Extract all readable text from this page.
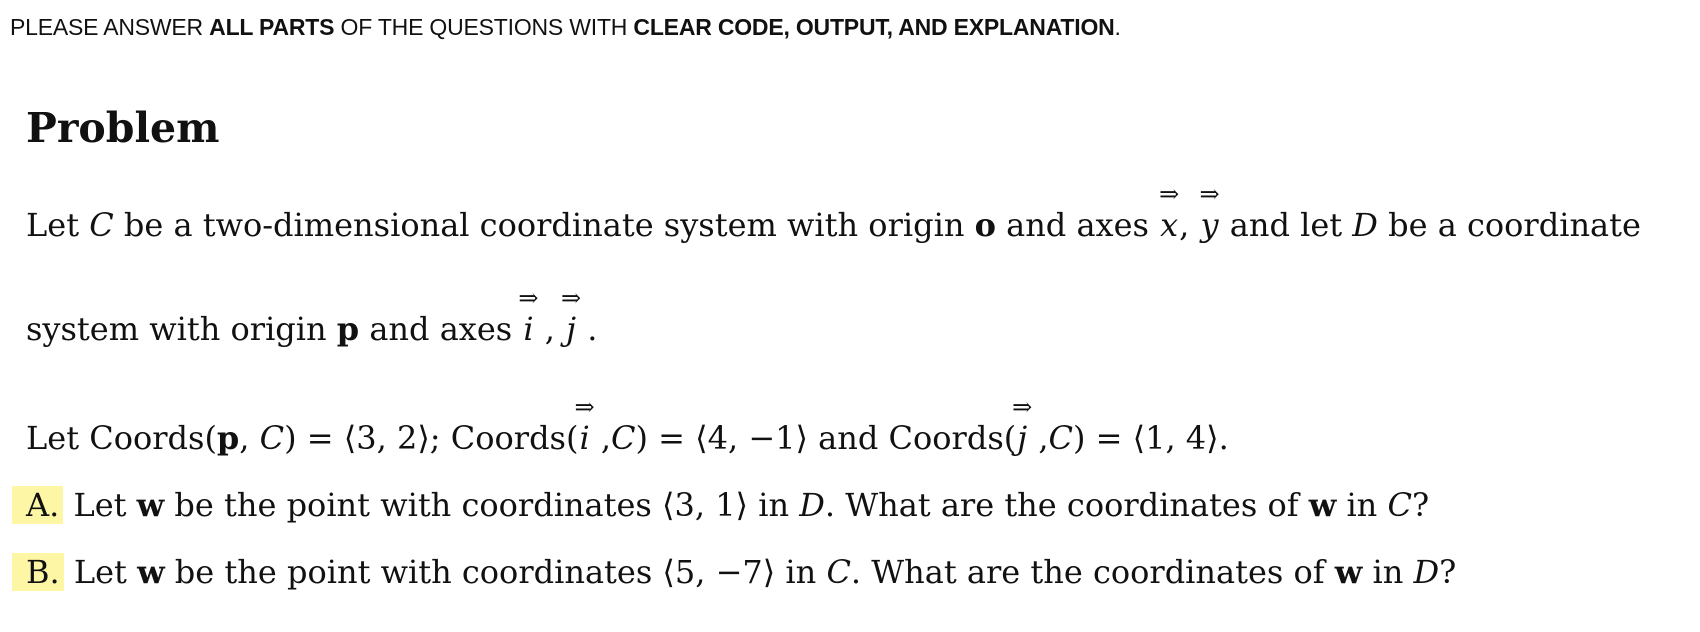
PLEASE ANSWER ALL PARTS OF THE QUESTIONS WITH CLEAR CODE, OUTPUT, AND EXPLANATION.
Problem
Let C be a two-dimensional coordinate system with origin o and axes
⇒
x,
⇒
y and let D be a coordinate
system with origin p and axes
⇒
i ,
⇒
j .
Let Coords(p, C) = ⟨3, 2⟩; Coords(
⇒
i ,C) = ⟨4, −1⟩ and Coords(
⇒
j ,C) = ⟨1, 4⟩.
A. Let w be the point with coordinates ⟨3, 1⟩ in D. What are the coordinates of w in C?
B. Let w be the point with coordinates ⟨5, −7⟩ in C. What are the coordinates of w in D?
